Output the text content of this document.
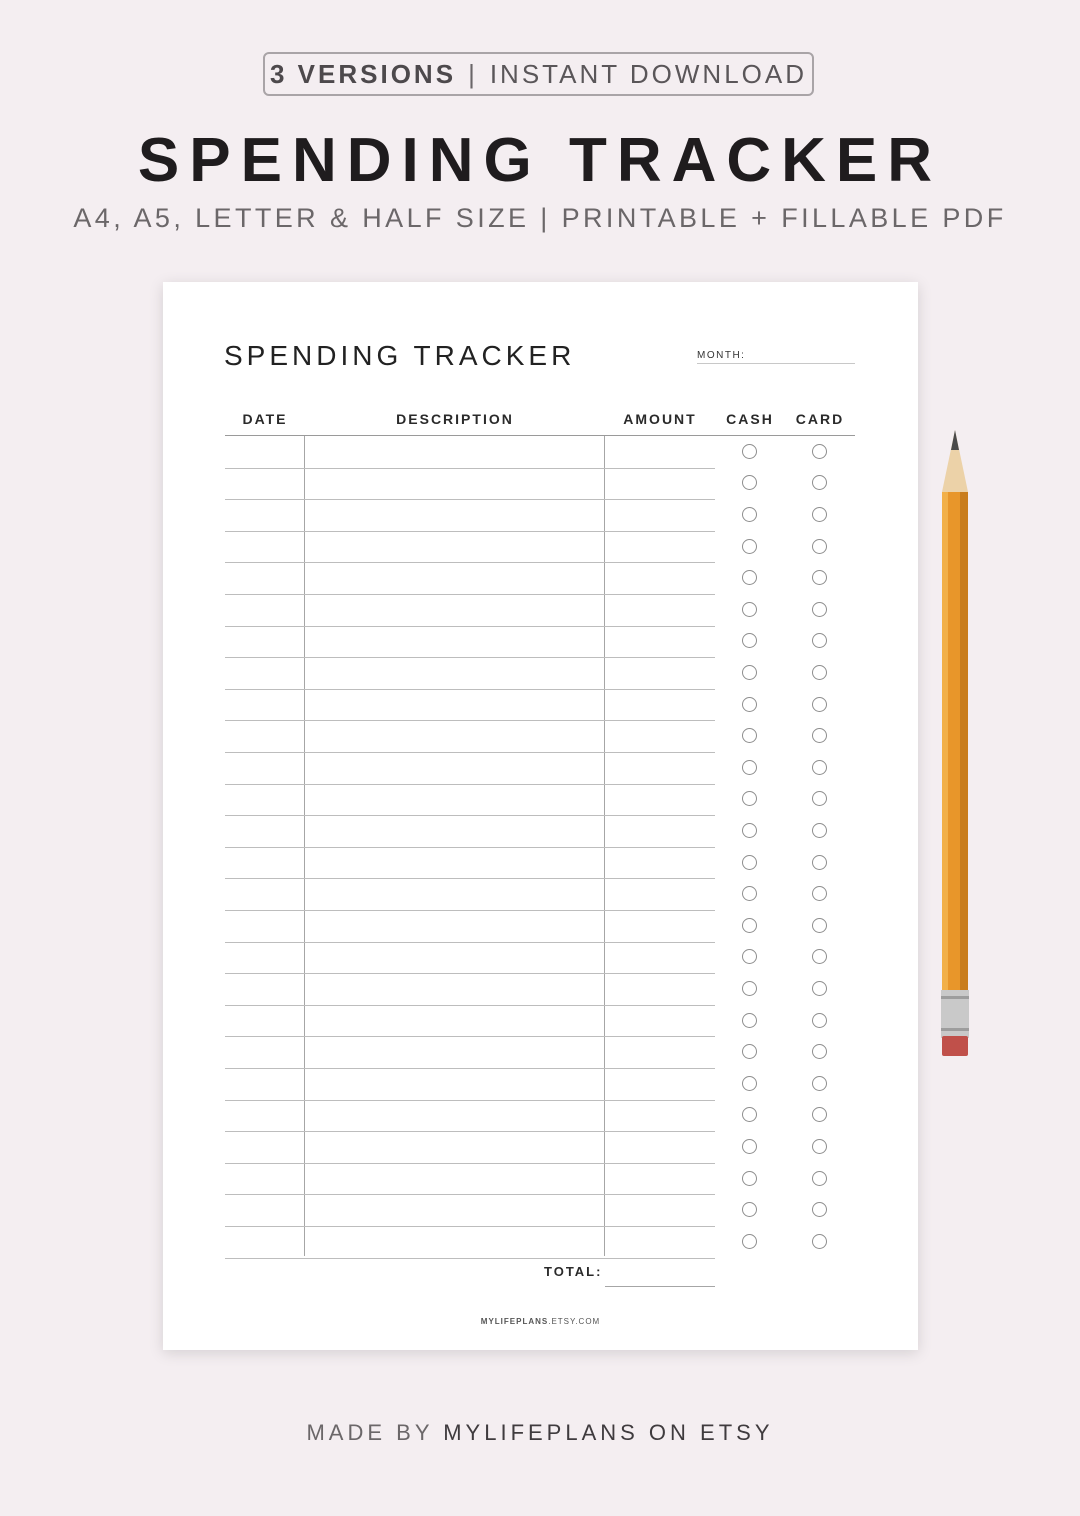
3 VERSIONS | INSTANT DOWNLOAD
SPENDING TRACKER
A4, A5, LETTER & HALF SIZE | PRINTABLE + FILLABLE PDF
SPENDING TRACKER	MONTH:
DATE	DESCRIPTION	AMOUNT	CASH	CARD
TOTAL:
MYLIFEPLANS.ETSY.COM
MADE BY MYLIFEPLANS ON ETSY
